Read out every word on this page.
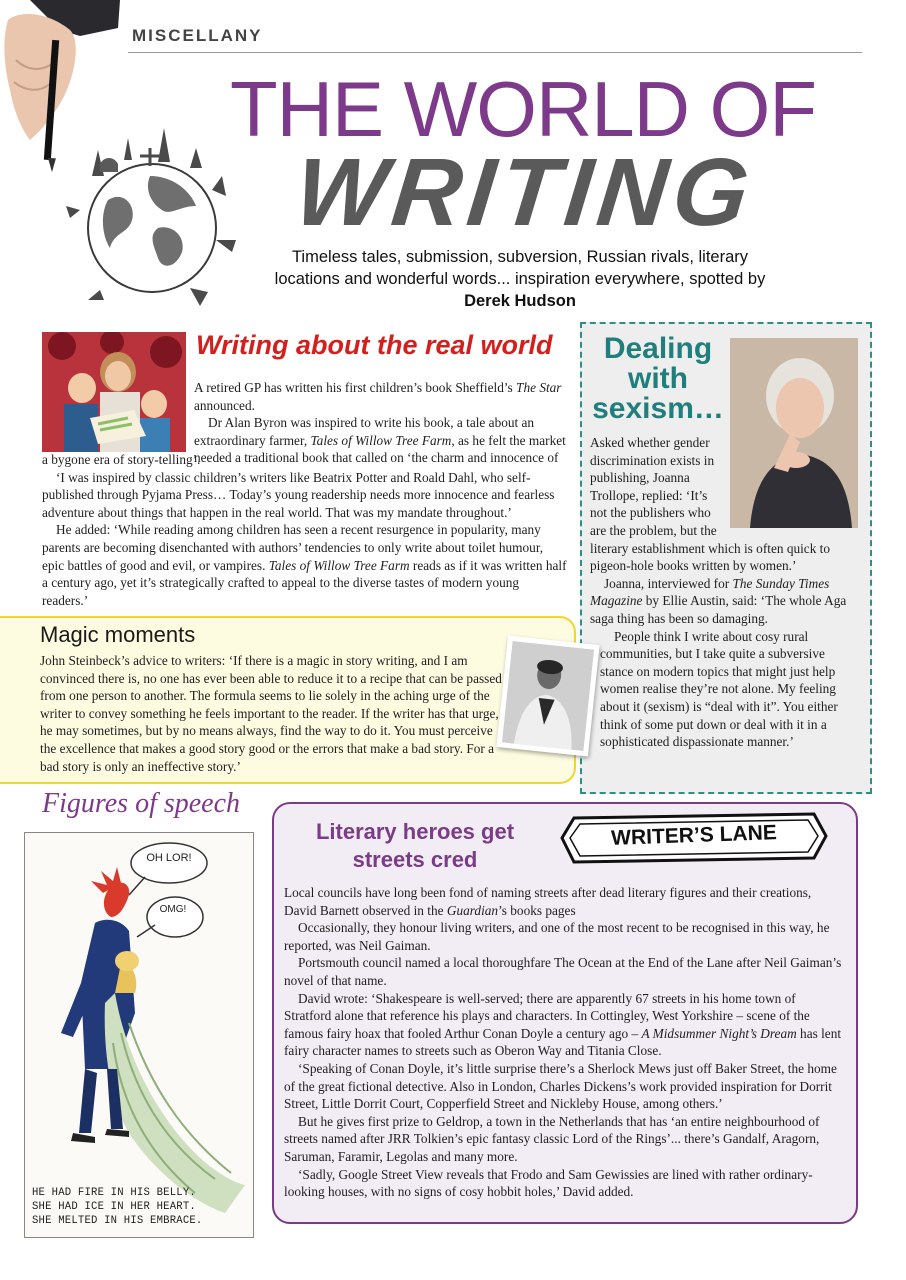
MISCELLANY
THE WORLD OF
WRITING
Timeless tales, submission, subversion, Russian rivals, literary locations and wonderful words... inspiration everywhere, spotted by Derek Hudson
Writing about the real world

A retired GP has written his first children’s book Sheffield’s The Star announced.

Dr Alan Byron was inspired to write his book, a tale about an extraordinary farmer, Tales of Willow Tree Farm, as he felt the market needed a traditional book that called on ‘the charm and innocence of

a bygone era of story-telling’.

‘I was inspired by classic children’s writers like Beatrix Potter and Roald Dahl, who self-published through Pyjama Press… Today’s young readership needs more innocence and fearless adventure about things that happen in the real world. That was my mandate throughout.’

He added: ‘While reading among children has seen a recent resurgence in popularity, many parents are becoming disenchanted with authors’ tendencies to only write about toilet humour, epic battles of good and evil, or vampires. Tales of Willow Tree Farm reads as if it was written half a century ago, yet it’s strategically crafted to appeal to the diverse tastes of modern young readers.’

Dealing with sexism…

Asked whether gender discrimination exists in publishing, Joanna Trollope, replied: ‘It’s not the publishers who are the problem, but the

literary establishment which is often quick to pigeon-hole books written by women.’

Joanna, interviewed for The Sunday Times Magazine by Ellie Austin, said: ‘The whole Aga saga thing has been so damaging.

People think I write about cosy rural communities, but I take quite a subversive stance on modern topics that might just help women realise they’re not alone. My feeling about it (sexism) is “deal with it”. You either think of some put down or deal with it in a sophisticated dispassionate manner.’

Magic moments
John Steinbeck’s advice to writers: ‘If there is a magic in story writing, and I am convinced there is, no one has ever been able to reduce it to a recipe that can be passed from one person to another. The formula seems to lie solely in the aching urge of the writer to convey something he feels important to the reader. If the writer has that urge, he may sometimes, but by no means always, find the way to do it. You must perceive the excellence that makes a good story good or the errors that make a bad story. For a bad story is only an ineffective story.’
Figures of speech
OH LOR!
OMG!
HE HAD FIRE IN HIS BELLY.
SHE HAD ICE IN HER HEART.
SHE MELTED IN HIS EMBRACE.
Literary heroes get streets cred
WRITER’S LANE

Local councils have long been fond of naming streets after dead literary figures and their creations, David Barnett observed in the Guardian’s books pages

Occasionally, they honour living writers, and one of the most recent to be recognised in this way, he reported, was Neil Gaiman.

Portsmouth council named a local thoroughfare The Ocean at the End of the Lane after Neil Gaiman’s novel of that name.

David wrote: ‘Shakespeare is well-served; there are apparently 67 streets in his home town of Stratford alone that reference his plays and characters. In Cottingley, West Yorkshire – scene of the famous fairy hoax that fooled Arthur Conan Doyle a century ago – A Midsummer Night’s Dream has lent fairy character names to streets such as Oberon Way and Titania Close.

‘Speaking of Conan Doyle, it’s little surprise there’s a Sherlock Mews just off Baker Street, the home of the great fictional detective. Also in London, Charles Dickens’s work provided inspiration for Dorrit Street, Little Dorrit Court, Copperfield Street and Nickleby House, among others.’

But he gives first prize to Geldrop, a town in the Netherlands that has ‘an entire neighbourhood of streets named after JRR Tolkien’s epic fantasy classic Lord of the Rings’... there’s Gandalf, Aragorn, Saruman, Faramir, Legolas and many more.

‘Sadly, Google Street View reveals that Frodo and Sam Gewissies are lined with rather ordinary-looking houses, with no signs of cosy hobbit holes,’ David added.
